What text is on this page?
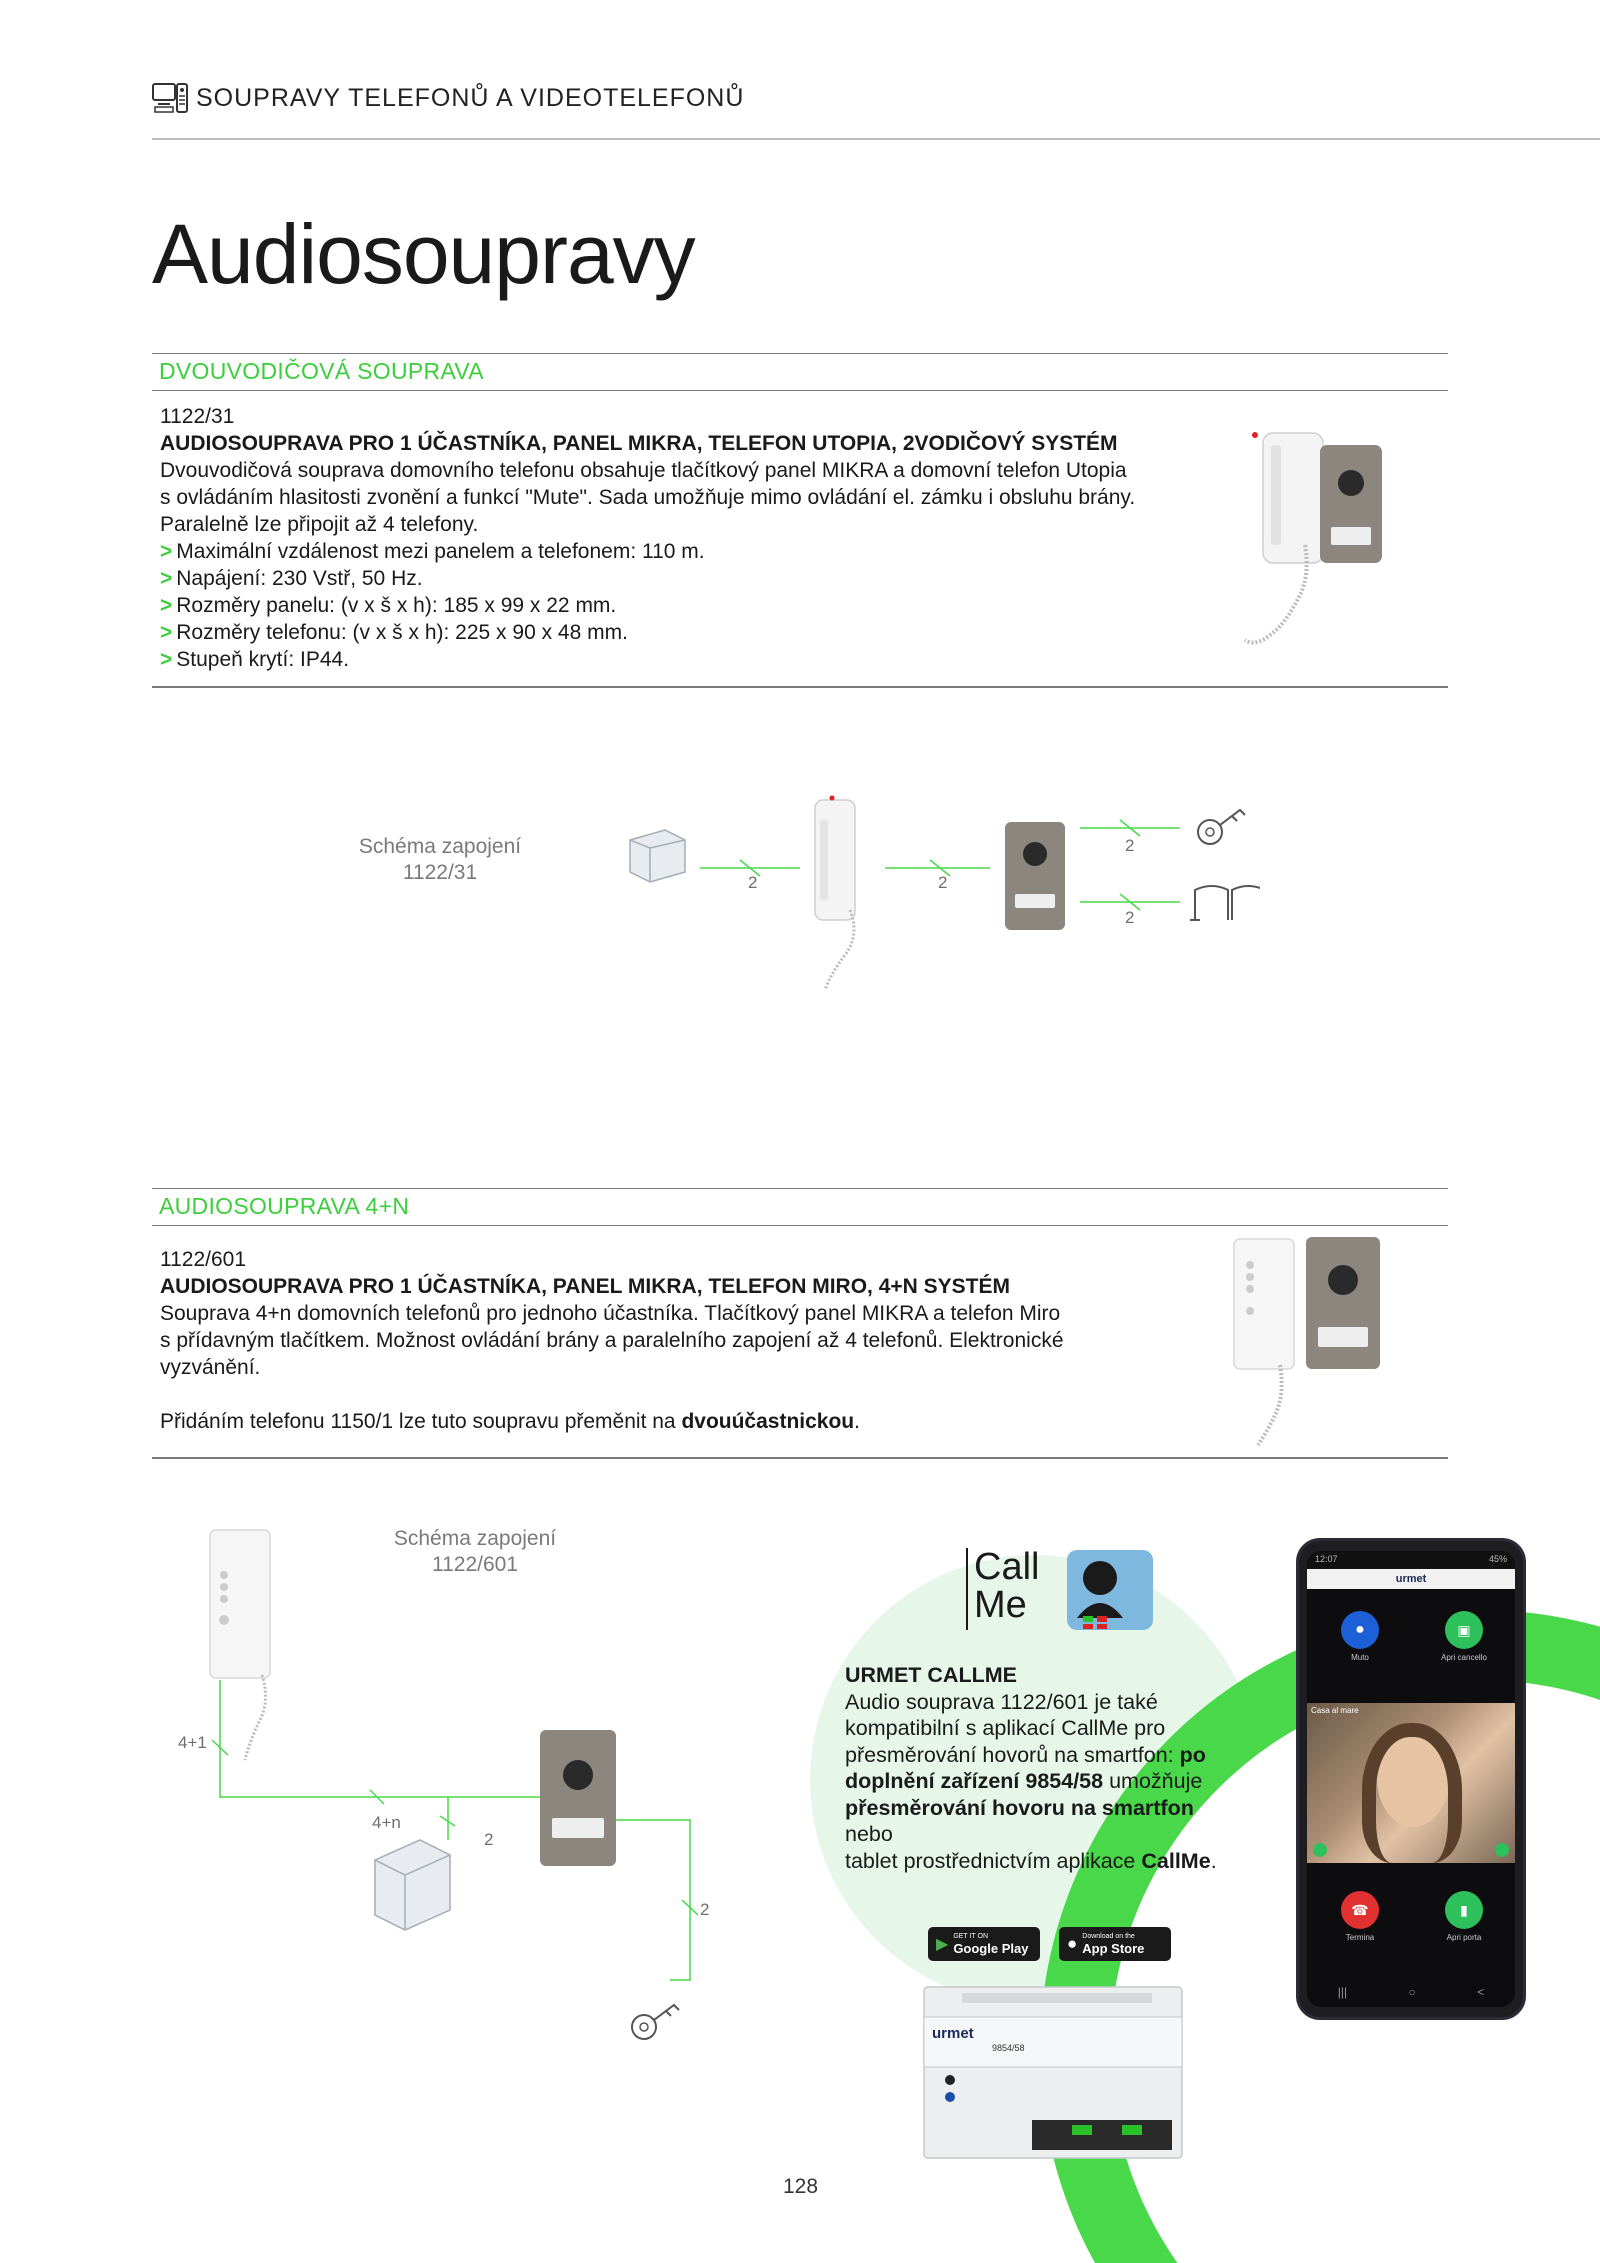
SOUPRAVY TELEFONŮ A VIDEOTELEFONŮ
Audiosoupravy
DVOUVODIČOVÁ SOUPRAVA
1122/31
AUDIOSOUPRAVA PRO 1 ÚČASTNÍKA, PANEL MIKRA, TELEFON UTOPIA, 2VODIČOVÝ SYSTÉM

Dvouvodičová souprava domovního telefonu obsahuje tlačítkový panel MIKRA a domovní telefon Utopia

s ovládáním hlasitosti zvonění a funkcí "Mute". Sada umožňuje mimo ovládání el. zámku i obsluhu brány.

Paralelně lze připojit až 4 telefony.

> Maximální vzdálenost mezi panelem a telefonem: 110 m.
> Napájení: 230 Vstř, 50 Hz.
> Rozměry panelu: (v x š x h): 185 x 99 x 22 mm.
> Rozměry telefonu: (v x š x h): 225 x 90 x 48 mm.
> Stupeň krytí: IP44.
Schéma zapojení
1122/31	2	2
2
2
AUDIOSOUPRAVA 4+N
1122/601
AUDIOSOUPRAVA PRO 1 ÚČASTNÍKA, PANEL MIKRA, TELEFON MIRO, 4+N SYSTÉM

Souprava 4+n domovních telefonů pro jednoho účastníka. Tlačítkový panel MIKRA a telefon Miro

s přídavným tlačítkem. Možnost ovládání brány a paralelního zapojení až 4 telefonů. Elektronické

vyzvánění.

Přidáním telefonu 1150/1 lze tuto soupravu přeměnit na dvouúčastnickou.

Schéma zapojení
1122/601
4+1
4+n
2
2
Call
Me
URMET CALLME
Audio souprava 1122/601 je také
kompatibilní s aplikací CallMe pro
přesměrování hovorů na smartfon: po
doplnění zařízení 9854/58 umožňuje
přesměrování hovoru na smartfon nebo
tablet prostřednictvím aplikace CallMe.
▶ GET IT ON
Google Play ● Download on the
App Store
urmet
9854/58
12:07	45%
urmet
●
Muto
▣
Apri cancello
Casa al mare
☎
Termina
▮
Apri porta
|||	○	<
128
